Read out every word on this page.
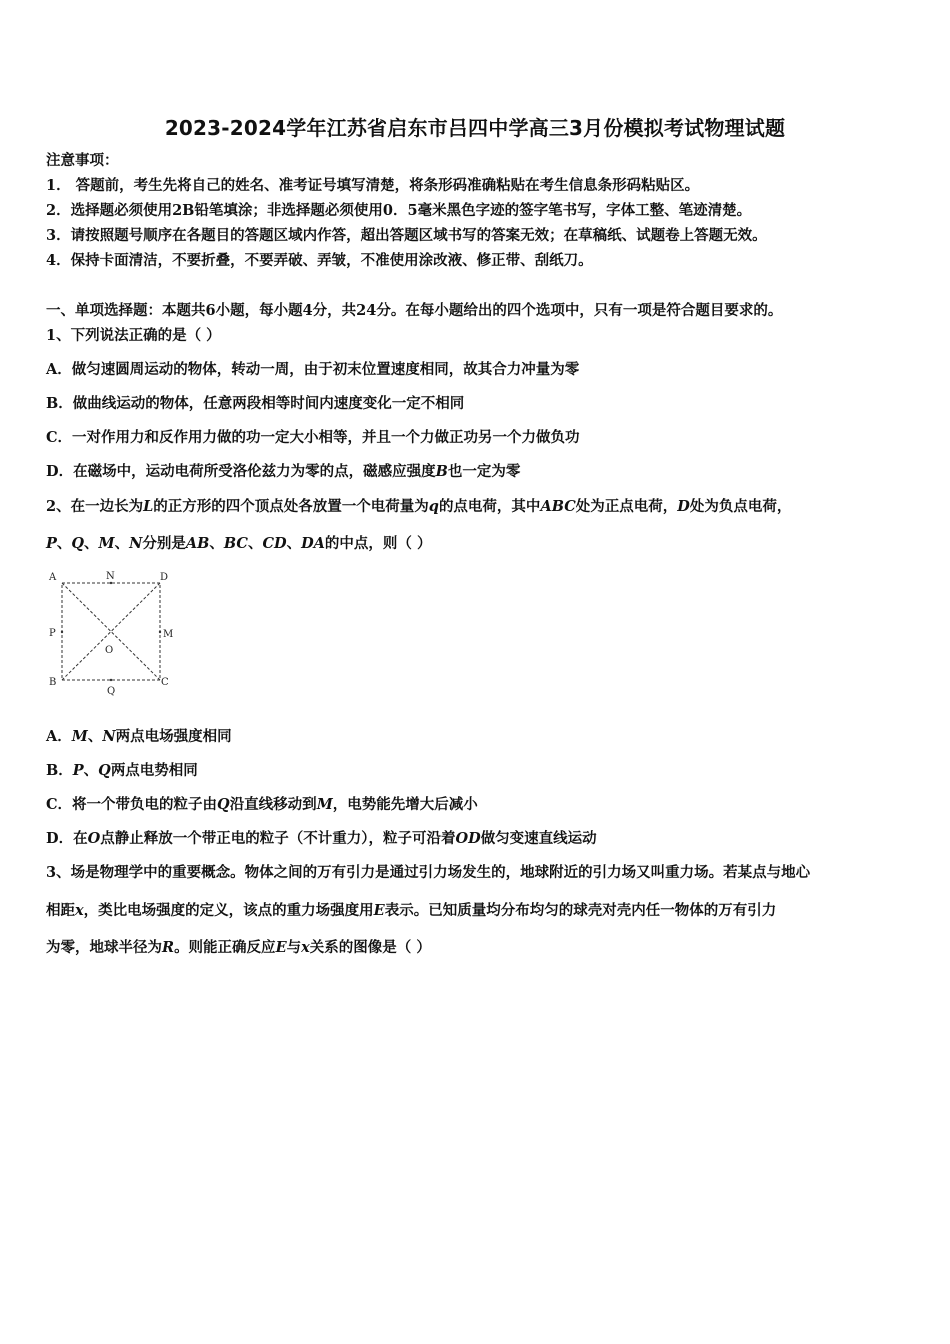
2023-2024学年江苏省启东市吕四中学高三3月份模拟考试物理试题
注意事项：
1． 答题前，考生先将自己的姓名、准考证号填写清楚，将条形码准确粘贴在考生信息条形码粘贴区。
2．选择题必须使用2B铅笔填涂；非选择题必须使用0．5毫米黑色字迹的签字笔书写，字体工整、笔迹清楚。
3．请按照题号顺序在各题目的答题区域内作答，超出答题区域书写的答案无效；在草稿纸、试题卷上答题无效。
4．保持卡面清洁，不要折叠，不要弄破、弄皱，不准使用涂改液、修正带、刮纸刀。
一、单项选择题：本题共6小题，每小题4分，共24分。在每小题给出的四个选项中，只有一项是符合题目要求的。
1、下列说法正确的是（ ）
A．做匀速圆周运动的物体，转动一周，由于初末位置速度相同，故其合力冲量为零
B．做曲线运动的物体，任意两段相等时间内速度变化一定不相同
C．一对作用力和反作用力做的功一定大小相等，并且一个力做正功另一个力做负功
D．在磁场中，运动电荷所受洛伦兹力为零的点，磁感应强度B也一定为零
2、在一边长为L的正方形的四个顶点处各放置一个电荷量为q的点电荷，其中ABC处为正点电荷，D处为负点电荷，
P、Q、M、N分别是AB、BC、CD、DA的中点，则（ ）
A	N	D
P
O
M
B	C
Q
A．M、N两点电场强度相同
B．P、Q两点电势相同
C．将一个带负电的粒子由Q沿直线移动到M，电势能先增大后减小
D．在O点静止释放一个带正电的粒子（不计重力），粒子可沿着OD做匀变速直线运动
3、场是物理学中的重要概念。物体之间的万有引力是通过引力场发生的，地球附近的引力场又叫重力场。若某点与地心
相距x，类比电场强度的定义，该点的重力场强度用E表示。已知质量均分布均匀的球壳对壳内任一物体的万有引力
为零，地球半径为R。则能正确反应E与x关系的图像是（ ）
